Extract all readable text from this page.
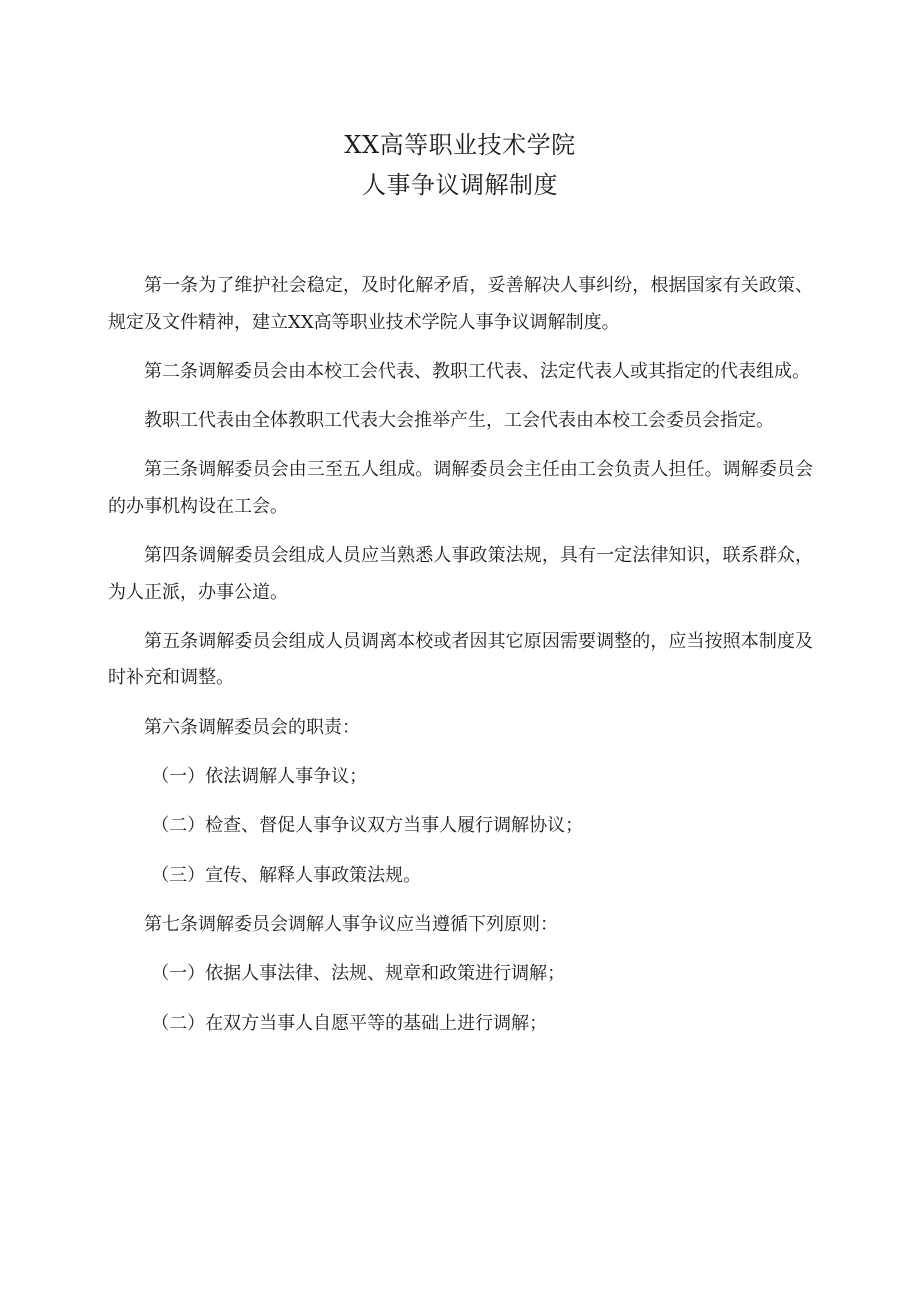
XX高等职业技术学院
人事争议调解制度

第一条为了维护社会稳定，及时化解矛盾，妥善解决人事纠纷，根据国家有关政策、规定及文件精神，建立XX高等职业技术学院人事争议调解制度。

第二条调解委员会由本校工会代表、教职工代表、法定代表人或其指定的代表组成。

教职工代表由全体教职工代表大会推举产生，工会代表由本校工会委员会指定。

第三条调解委员会由三至五人组成。调解委员会主任由工会负责人担任。调解委员会的办事机构设在工会。

第四条调解委员会组成人员应当熟悉人事政策法规，具有一定法律知识，联系群众，为人正派，办事公道。

第五条调解委员会组成人员调离本校或者因其它原因需要调整的，应当按照本制度及时补充和调整。

第六条调解委员会的职责：

（一）依法调解人事争议；

（二）检查、督促人事争议双方当事人履行调解协议；

（三）宣传、解释人事政策法规。

第七条调解委员会调解人事争议应当遵循下列原则：

（一）依据人事法律、法规、规章和政策进行调解；

（二）在双方当事人自愿平等的基础上进行调解；
